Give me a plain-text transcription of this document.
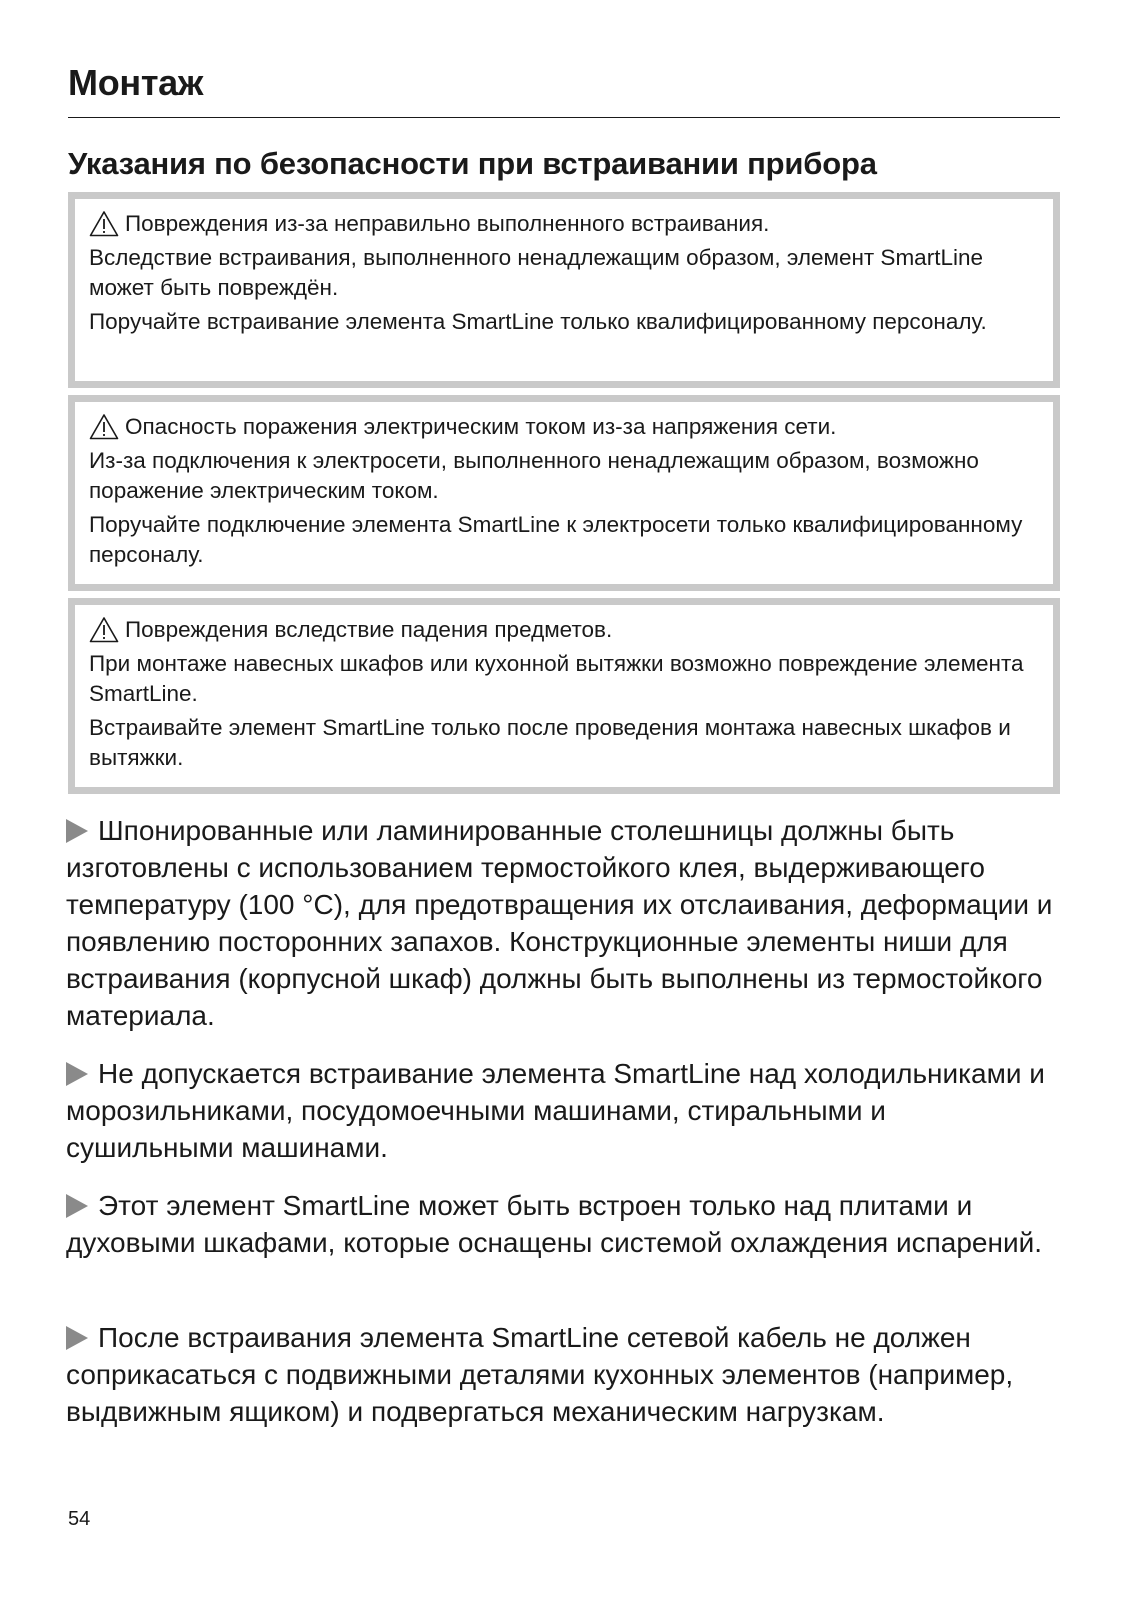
Монтаж
Указания по безопасности при встраивании прибора

Повреждения из-за неправильно выполненного встраивания.

Вследствие встраивания, выполненного ненадлежащим образом, элемент SmartLine может быть повреждён.

Поручайте встраивание элемента SmartLine только квалифицированному персоналу.

Опасность поражения электрическим током из-за напряжения сети.

Из-за подключения к электросети, выполненного ненадлежащим образом, возможно поражение электрическим током.

Поручайте подключение элемента SmartLine к электросети только квалифицированному персоналу.

Повреждения вследствие падения предметов.

При монтаже навесных шкафов или кухонной вытяжки возможно повреждение элемента SmartLine.

Встраивайте элемент SmartLine только после проведения монтажа навесных шкафов и вытяжки.

Шпонированные или ламинированные столешницы должны быть изготовлены с использованием термостойкого клея, выдерживающего температуру (100 °C), для предотвращения их отслаивания, деформации и появлению посторонних запахов. Конструкционные элементы ниши для встраивания (корпусной шкаф) должны быть выполнены из термостойкого материала.

Не допускается встраивание элемента SmartLine над холодильниками и морозильниками, посудомоечными машинами, стиральными и сушильными машинами.

Этот элемент SmartLine может быть встроен только над плитами и духовыми шкафами, которые оснащены системой охлаждения испарений.

После встраивания элемента SmartLine сетевой кабель не должен соприкасаться с подвижными деталями кухонных элементов (например, выдвижным ящиком) и подвергаться механическим нагрузкам.

54
